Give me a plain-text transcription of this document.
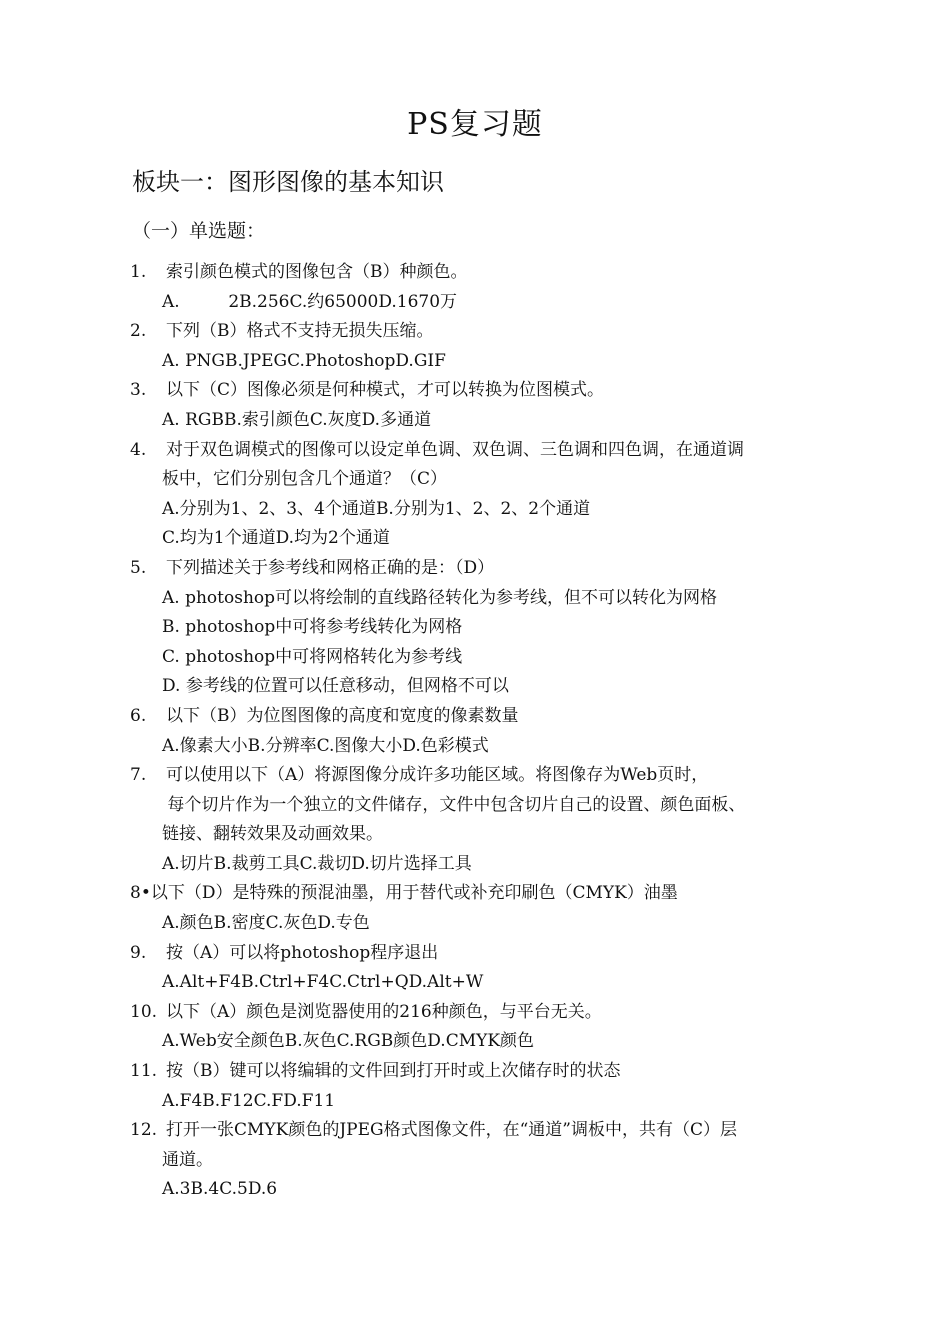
PS复习题
板块一：图形图像的基本知识
（一）单选题：
1. 索引颜色模式的图像包含（B）种颜色。
A.         2B.256C.约65000D.1670万
2. 下列（B）格式不支持无损失压缩。
A. PNGB.JPEGC.PhotoshopD.GIF
3. 以下（C）图像必须是何种模式，才可以转换为位图模式。
A. RGBB.索引颜色C.灰度D.多通道
4. 对于双色调模式的图像可以设定单色调、双色调、三色调和四色调，在通道调
板中，它们分别包含几个通道？（C）
A.分别为1、2、3、4个通道B.分别为1、2、2、2个通道
C.均为1个通道D.均为2个通道
5. 下列描述关于参考线和网格正确的是：（D）
A. photoshop可以将绘制的直线路径转化为参考线，但不可以转化为网格
B. photoshop中可将参考线转化为网格
C. photoshop中可将网格转化为参考线
D. 参考线的位置可以任意移动，但网格不可以
6. 以下（B）为位图图像的高度和宽度的像素数量
A.像素大小B.分辨率C.图像大小D.色彩模式
7. 可以使用以下（A）将源图像分成许多功能区域。将图像存为Web页时，
每个切片作为一个独立的文件储存，文件中包含切片自己的设置、颜色面板、
链接、翻转效果及动画效果。
A.切片B.裁剪工具C.裁切D.切片选择工具
8•以下（D）是特殊的预混油墨，用于替代或补充印刷色（CMYK）油墨
A.颜色B.密度C.灰色D.专色
9. 按（A）可以将photoshop程序退出
A.Alt+F4B.Ctrl+F4C.Ctrl+QD.Alt+W
10. 以下（A）颜色是浏览器使用的216种颜色，与平台无关。
A.Web安全颜色B.灰色C.RGB颜色D.CMYK颜色
11. 按（B）键可以将编辑的文件回到打开时或上次储存时的状态
A.F4B.F12C.FD.F11
12. 打开一张CMYK颜色的JPEG格式图像文件，在“通道”调板中，共有（C）层
通道。
A.3B.4C.5D.6
